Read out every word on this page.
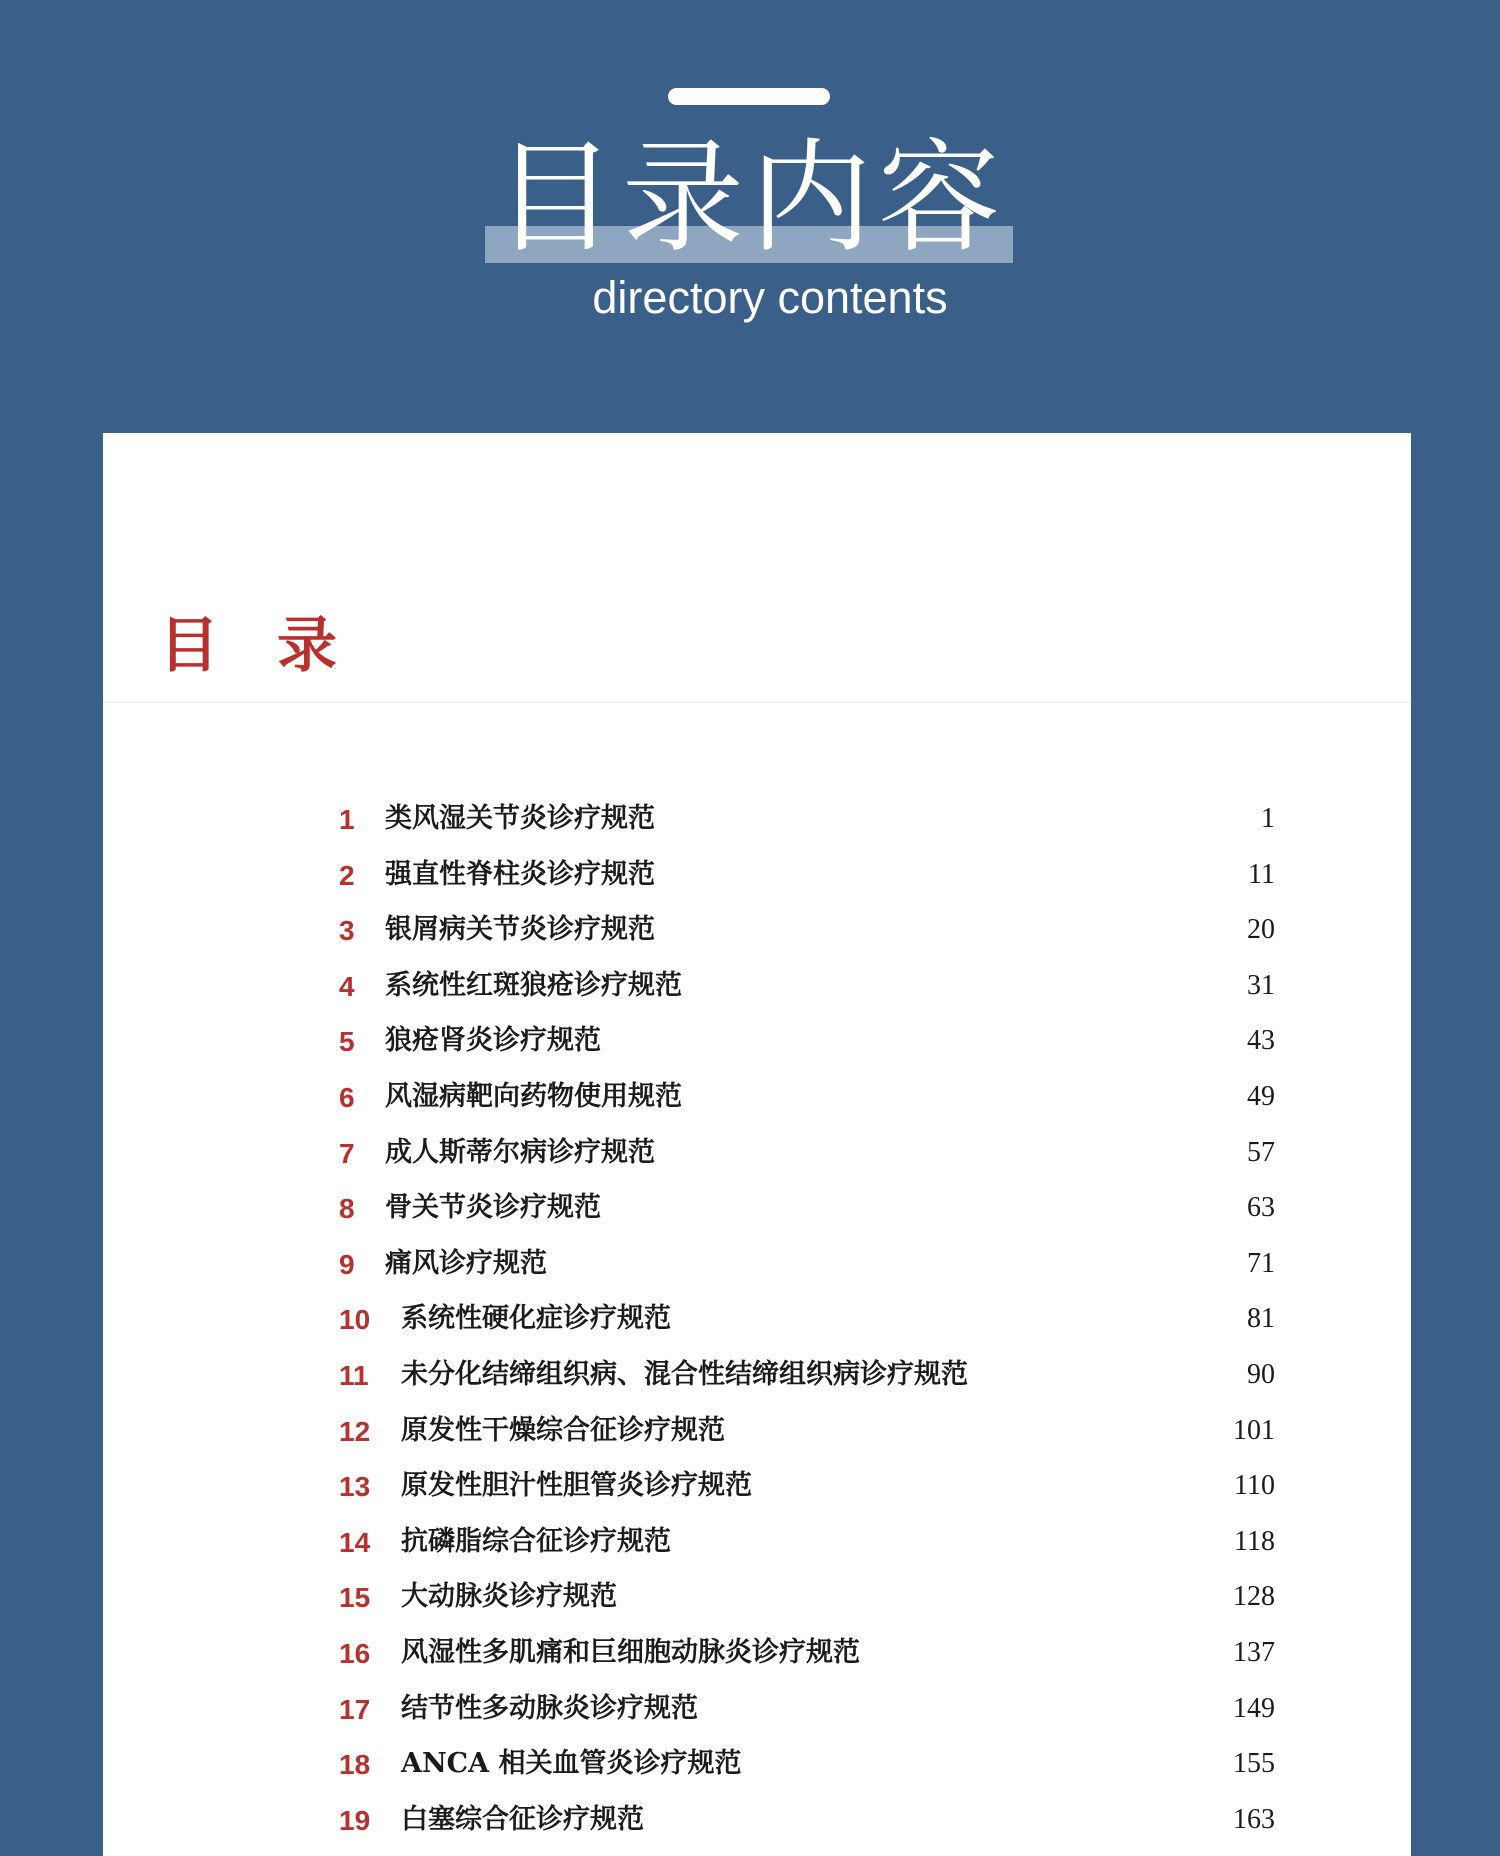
目录内容
directory contents
目 录
1 类风湿关节炎诊疗规范	1
2 强直性脊柱炎诊疗规范	11
3 银屑病关节炎诊疗规范	20
4 系统性红斑狼疮诊疗规范	31
5 狼疮肾炎诊疗规范	43
6 风湿病靶向药物使用规范	49
7 成人斯蒂尔病诊疗规范	57
8 骨关节炎诊疗规范	63
9 痛风诊疗规范	71
10 系统性硬化症诊疗规范	81
11 未分化结缔组织病、混合性结缔组织病诊疗规范	90
12 原发性干燥综合征诊疗规范	101
13 原发性胆汁性胆管炎诊疗规范	110
14 抗磷脂综合征诊疗规范	118
15 大动脉炎诊疗规范	128
16 风湿性多肌痛和巨细胞动脉炎诊疗规范	137
17 结节性多动脉炎诊疗规范	149
18 ANCA 相关血管炎诊疗规范	155
19 白塞综合征诊疗规范	163
